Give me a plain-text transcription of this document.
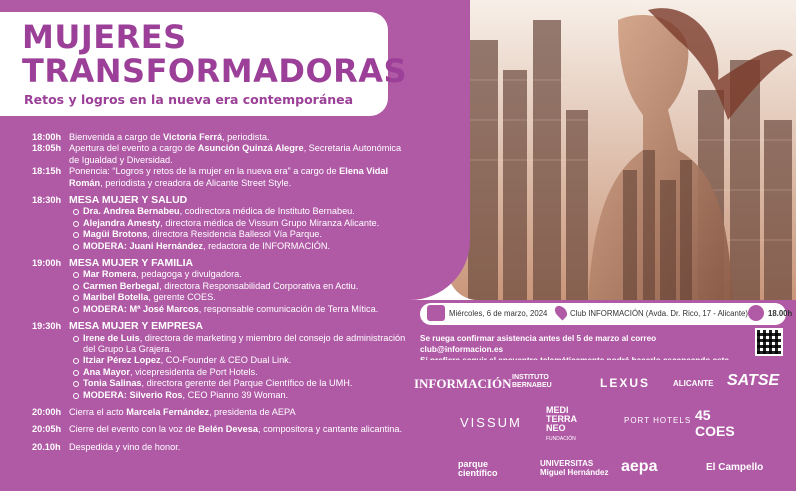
MUJERES
TRANSFORMADORAS
Retos y logros en la nueva era contemporánea
18:00h Bienvenida a cargo de Victoria Ferrá, periodista.
18:05h Apertura del evento a cargo de Asunción Quinzá Alegre, Secretaria Autonómica de Igualdad y Diversidad.
18:15h Ponencia: “Logros y retos de la mujer en la nueva era” a cargo de Elena Vidal Román, periodista y creadora de Alicante Street Style.
18:30h MESA MUJER Y SALUD
Dra. Andrea Bernabeu, codirectora médica de Instituto Bernabeu.
Alejandra Amesty, directora médica de Vissum Grupo Miranza Alicante.
Magüi Brotons, directora Residencia Ballesol Vía Parque.
MODERA: Juani Hernández, redactora de INFORMACIÓN.
19:00h MESA MUJER Y FAMILIA
Mar Romera, pedagoga y divulgadora.
Carmen Berbegal, directora Responsabilidad Corporativa en Actiu.
Maribel Botella, gerente COES.
MODERA: Mª José Marcos, responsable comunicación de Terra Mítica.
19:30h MESA MUJER Y EMPRESA
Irene de Luis, directora de marketing y miembro del consejo de administración del Grupo La Grajera.
Itziar Pérez Lopez, CO-Founder & CEO Dual Link.
Ana Mayor, vicepresidenta de Port Hotels.
Tonia Salinas, directora gerente del Parque Científico de la UMH.
MODERA: Silverio Ros, CEO Pianno 39 Woman.
20:00h Cierra el acto Marcela Fernández, presidenta de AEPA
20:05h Cierre del evento con la voz de Belén Devesa, compositora y cantante alicantina.
20.10h Despedida y vino de honor.
Miércoles, 6 de marzo, 2024	Club INFORMACIÓN (Avda. Dr. Rico, 17 - Alicante)	18.00h
Se ruega confirmar asistencia antes del 5 de marzo al correo club@informacion.es
INFORMACIÓN INSTITUTO BERNABEU	LEXUS	ALICANTE SATSE
VISSUM
MEDI TERRA NEO
FUNDACIÓN
PORT HOTELS 45 COES
parque científico
UNIVERSITAS Miguel Hernández aepa	El Campello
